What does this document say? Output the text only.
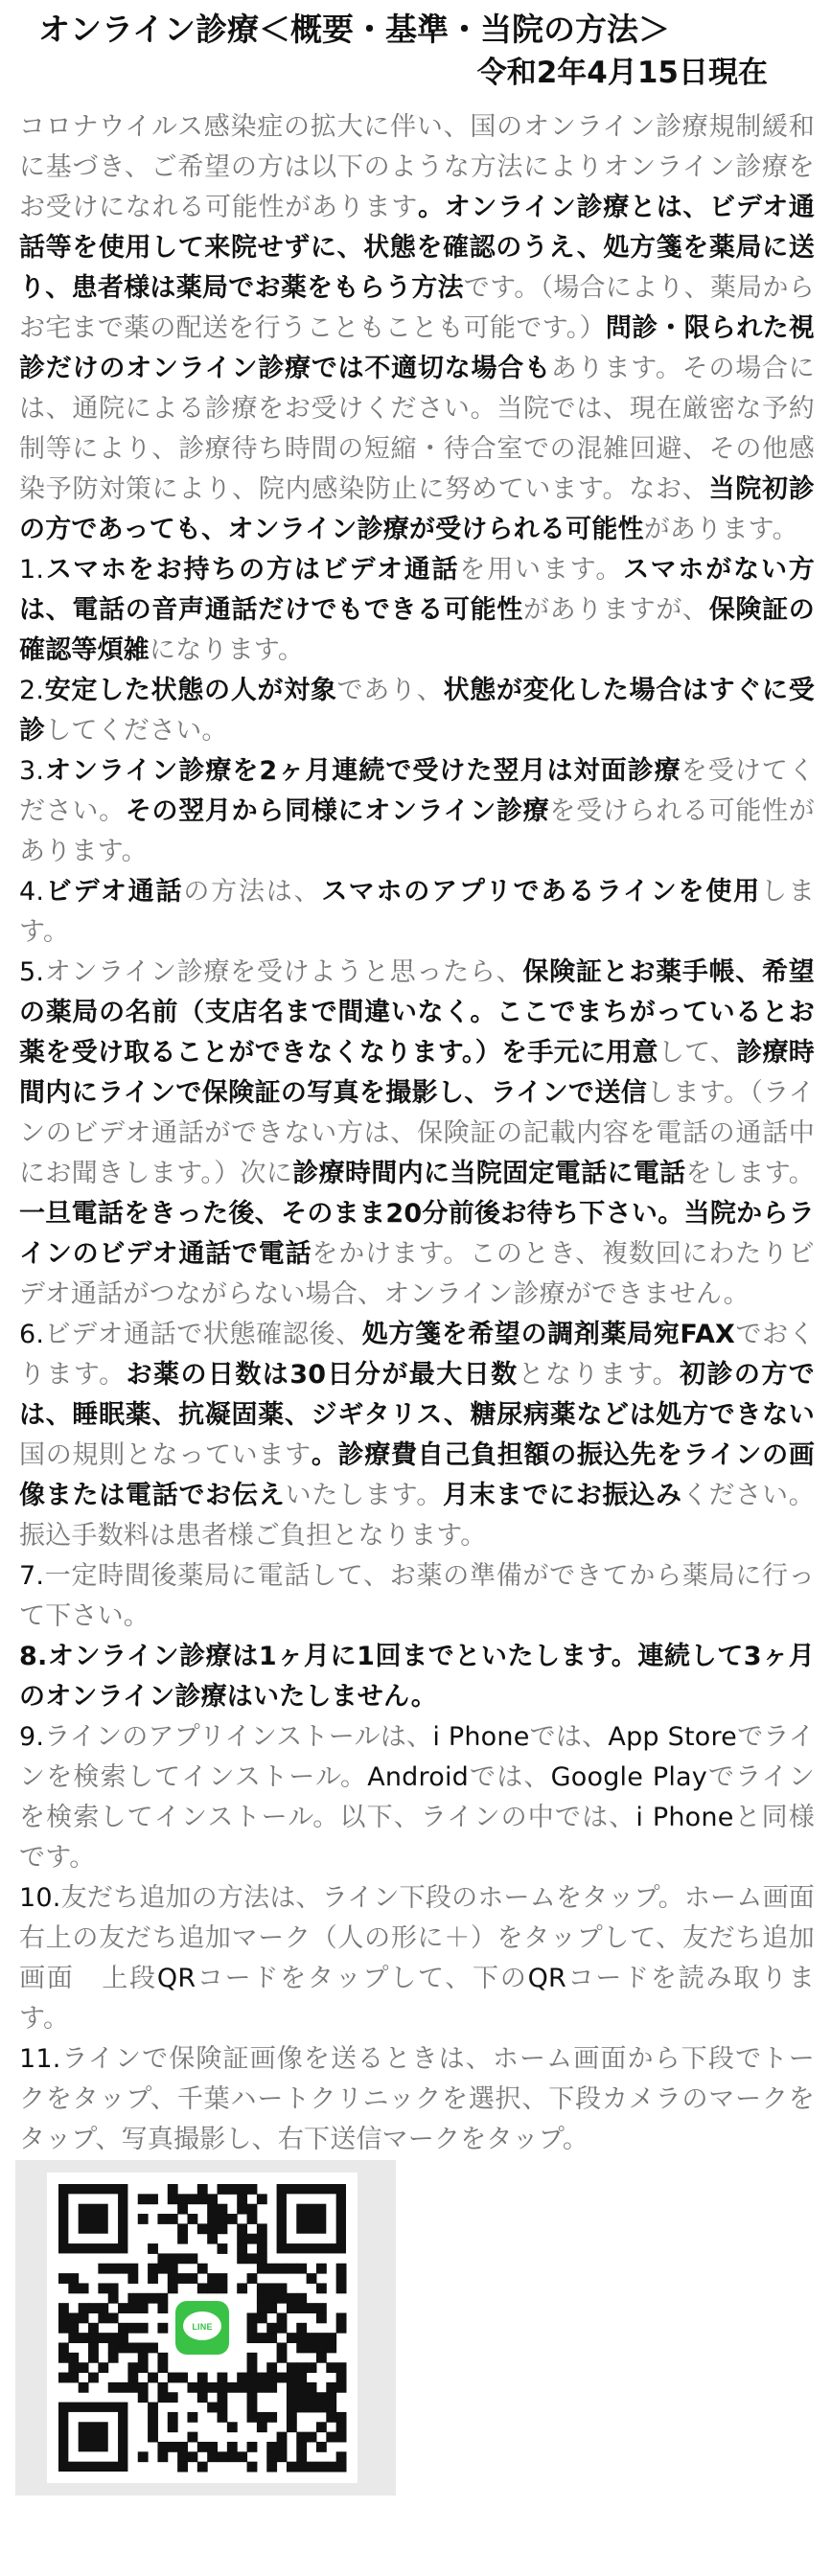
オンライン診療＜概要・基準・当院の方法＞
令和2年4月15日現在

コロナウイルス感染症の拡大に伴い、国のオンライン診療規制緩和に基づき、ご希望の方は以下のような方法によりオンライン診療をお受けになれる可能性があります。オンライン診療とは、ビデオ通話等を使用して来院せずに、状態を確認のうえ、処方箋を薬局に送り、患者様は薬局でお薬をもらう方法です。（場合により、薬局からお宅まで薬の配送を行うこともことも可能です。）問診・限られた視診だけのオンライン診療では不適切な場合もあります。その場合には、通院による診療をお受けください。当院では、現在厳密な予約制等により、診療待ち時間の短縮・待合室での混雑回避、その他感染予防対策により、院内感染防止に努めています。なお、当院初診の方であっても、オンライン診療が受けられる可能性があります。

1.スマホをお持ちの方はビデオ通話を用います。スマホがない方は、電話の音声通話だけでもできる可能性がありますが、保険証の確認等煩雑になります。

2.安定した状態の人が対象であり、状態が変化した場合はすぐに受診してください。

3.オンライン診療を2ヶ月連続で受けた翌月は対面診療を受けてください。その翌月から同様にオンライン診療を受けられる可能性があります。

4.ビデオ通話の方法は、スマホのアプリであるラインを使用します。

5.オンライン診療を受けようと思ったら、保険証とお薬手帳、希望の薬局の名前（支店名まで間違いなく。ここでまちがっているとお薬を受け取ることができなくなります。）を手元に用意して、診療時間内にラインで保険証の写真を撮影し、ラインで送信します。（ラインのビデオ通話ができない方は、保険証の記載内容を電話の通話中にお聞きします。）次に診療時間内に当院固定電話に電話をします。一旦電話をきった後、そのまま20分前後お待ち下さい。当院からラインのビデオ通話で電話をかけます。このとき、複数回にわたりビデオ通話がつながらない場合、オンライン診療ができません。

6.ビデオ通話で状態確認後、処方箋を希望の調剤薬局宛FAXでおくります。お薬の日数は30日分が最大日数となります。初診の方では、睡眠薬、抗凝固薬、ジギタリス、糖尿病薬などは処方できない国の規則となっています。診療費自己負担額の振込先をラインの画像または電話でお伝えいたします。月末までにお振込みください。振込手数料は患者様ご負担となります。

7.一定時間後薬局に電話して、お薬の準備ができてから薬局に行って下さい。

8.オンライン診療は1ヶ月に1回までといたします。連続して3ヶ月のオンライン診療はいたしません。

9.ラインのアプリインストールは、i Phoneでは、App Storeでラインを検索してインストール。Androidでは、Google Playでラインを検索してインストール。以下、ラインの中では、i Phoneと同様です。

10.友だち追加の方法は、ライン下段のホームをタップ。ホーム画面右上の友だち追加マーク（人の形に＋）をタップして、友だち追加画面　上段QRコードをタップして、下のQRコードを読み取ります。

LINE

11.ラインで保険証画像を送るときは、ホーム画面から下段でトークをタップ、千葉ハートクリニックを選択、下段カメラのマークをタップ、写真撮影し、右下送信マークをタップ。
